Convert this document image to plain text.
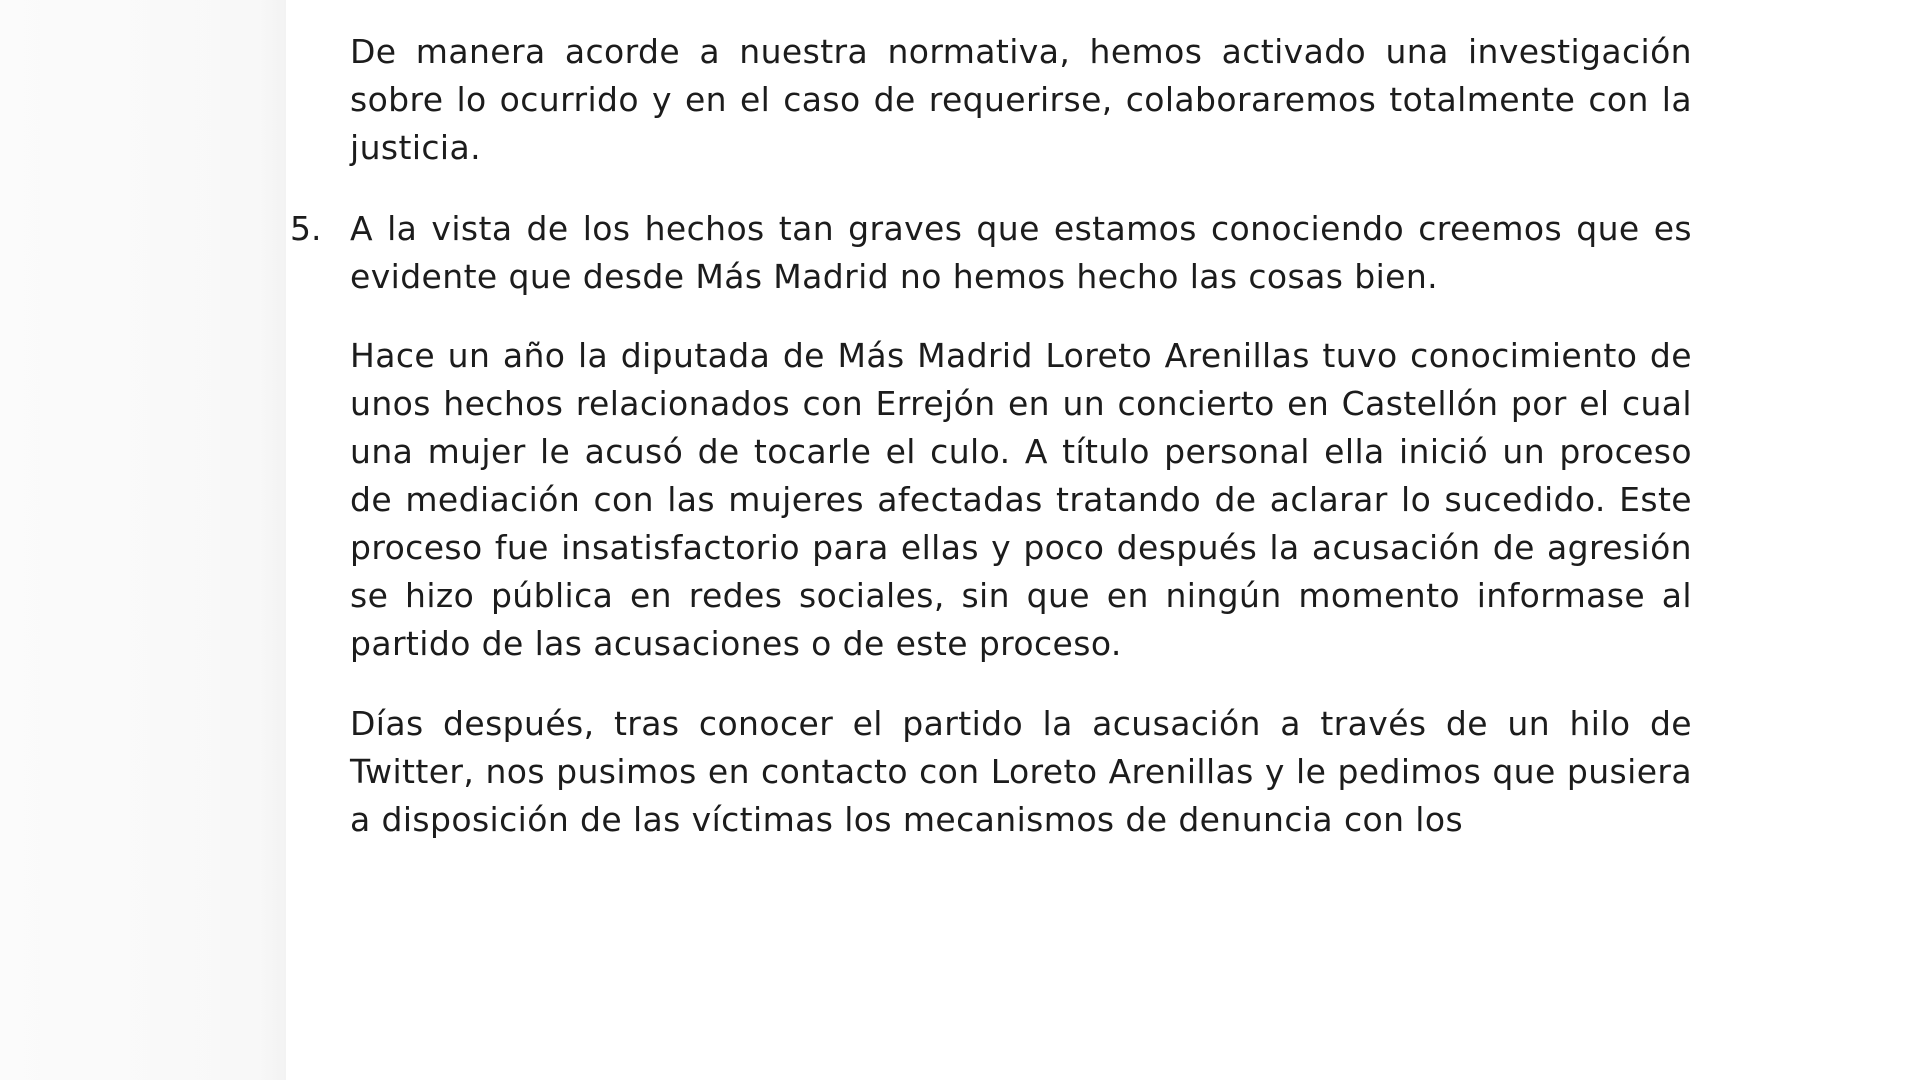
De manera acorde a nuestra normativa, hemos activado una investigación sobre lo ocurrido y en el caso de requerirse, colaboraremos totalmente con la justicia.

5. A la vista de los hechos tan graves que estamos conociendo creemos que es evidente que desde Más Madrid no hemos hecho las cosas bien.

Hace un año la diputada de Más Madrid Loreto Arenillas tuvo conocimiento de unos hechos relacionados con Errejón en un concierto en Castellón por el cual una mujer le acusó de tocarle el culo. A título personal ella inició un proceso de mediación con las mujeres afectadas tratando de aclarar lo sucedido. Este proceso fue insatisfactorio para ellas y poco después la acusación de agresión se hizo pública en redes sociales, sin que en ningún momento informase al partido de las acusaciones o de este proceso.

Días después, tras conocer el partido la acusación a través de un hilo de Twitter, nos pusimos en contacto con Loreto Arenillas y le pedimos que pusiera a disposición de las víctimas los mecanismos de denuncia con los
